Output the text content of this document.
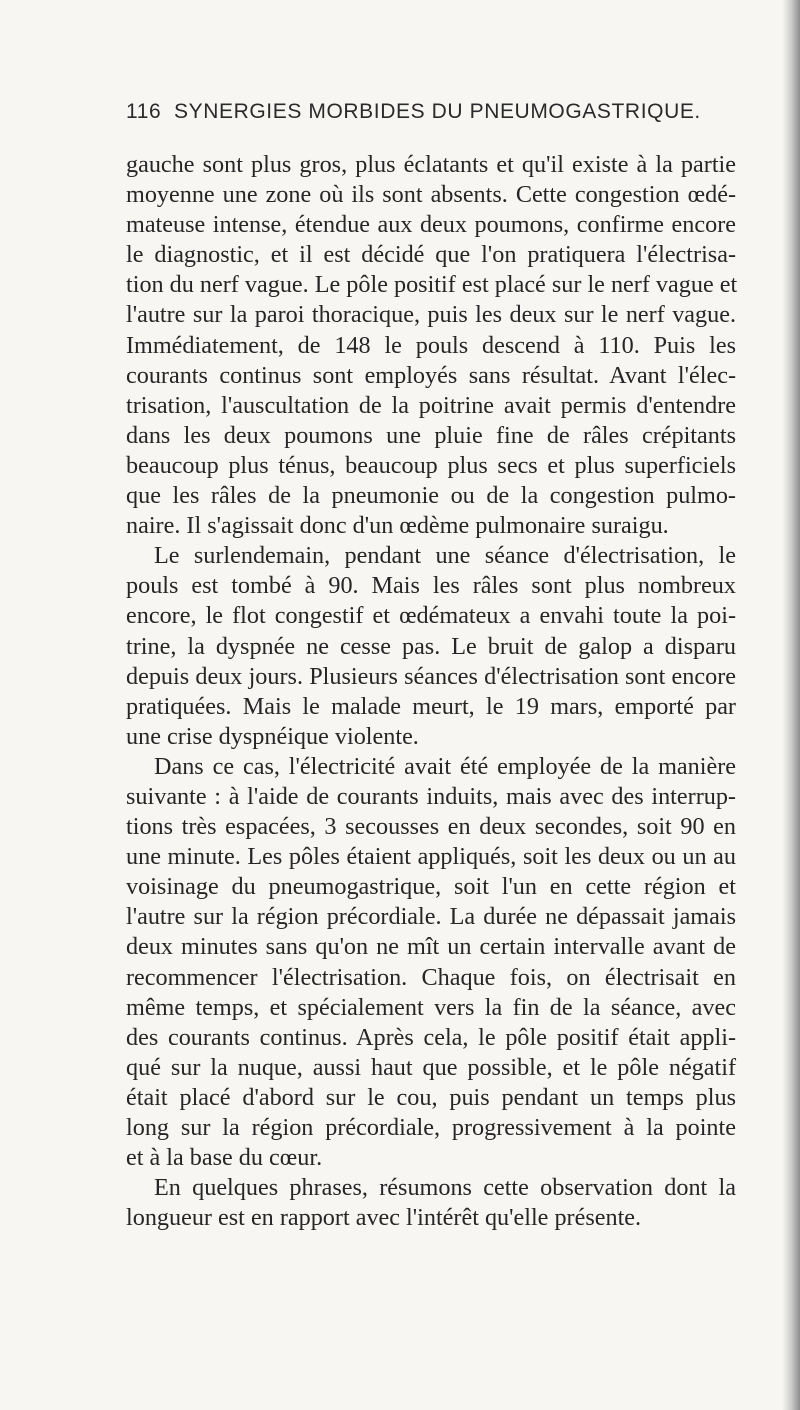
116 SYNERGIES MORBIDES DU PNEUMOGASTRIQUE.
gauche sont plus gros, plus éclatants et qu'il existe à la partie
moyenne une zone où ils sont absents. Cette congestion œdé-
mateuse intense, étendue aux deux poumons, confirme encore
le diagnostic, et il est décidé que l'on pratiquera l'électrisa-
tion du nerf vague. Le pôle positif est placé sur le nerf vague et
l'autre sur la paroi thoracique, puis les deux sur le nerf vague.
Immédiatement, de 148 le pouls descend à 110. Puis les
courants continus sont employés sans résultat. Avant l'élec-
trisation, l'auscultation de la poitrine avait permis d'entendre
dans les deux poumons une pluie fine de râles crépitants
beaucoup plus ténus, beaucoup plus secs et plus superficiels
que les râles de la pneumonie ou de la congestion pulmo-
naire. Il s'agissait donc d'un œdème pulmonaire suraigu.
Le surlendemain, pendant une séance d'électrisation, le
pouls est tombé à 90. Mais les râles sont plus nombreux
encore, le flot congestif et œdémateux a envahi toute la poi-
trine, la dyspnée ne cesse pas. Le bruit de galop a disparu
depuis deux jours. Plusieurs séances d'électrisation sont encore
pratiquées. Mais le malade meurt, le 19 mars, emporté par
une crise dyspnéique violente.
Dans ce cas, l'électricité avait été employée de la manière
suivante : à l'aide de courants induits, mais avec des interrup-
tions très espacées, 3 secousses en deux secondes, soit 90 en
une minute. Les pôles étaient appliqués, soit les deux ou un au
voisinage du pneumogastrique, soit l'un en cette région et
l'autre sur la région précordiale. La durée ne dépassait jamais
deux minutes sans qu'on ne mît un certain intervalle avant de
recommencer l'électrisation. Chaque fois, on électrisait en
même temps, et spécialement vers la fin de la séance, avec
des courants continus. Après cela, le pôle positif était appli-
qué sur la nuque, aussi haut que possible, et le pôle négatif
était placé d'abord sur le cou, puis pendant un temps plus
long sur la région précordiale, progressivement à la pointe
et à la base du cœur.
En quelques phrases, résumons cette observation dont la
longueur est en rapport avec l'intérêt qu'elle présente.
